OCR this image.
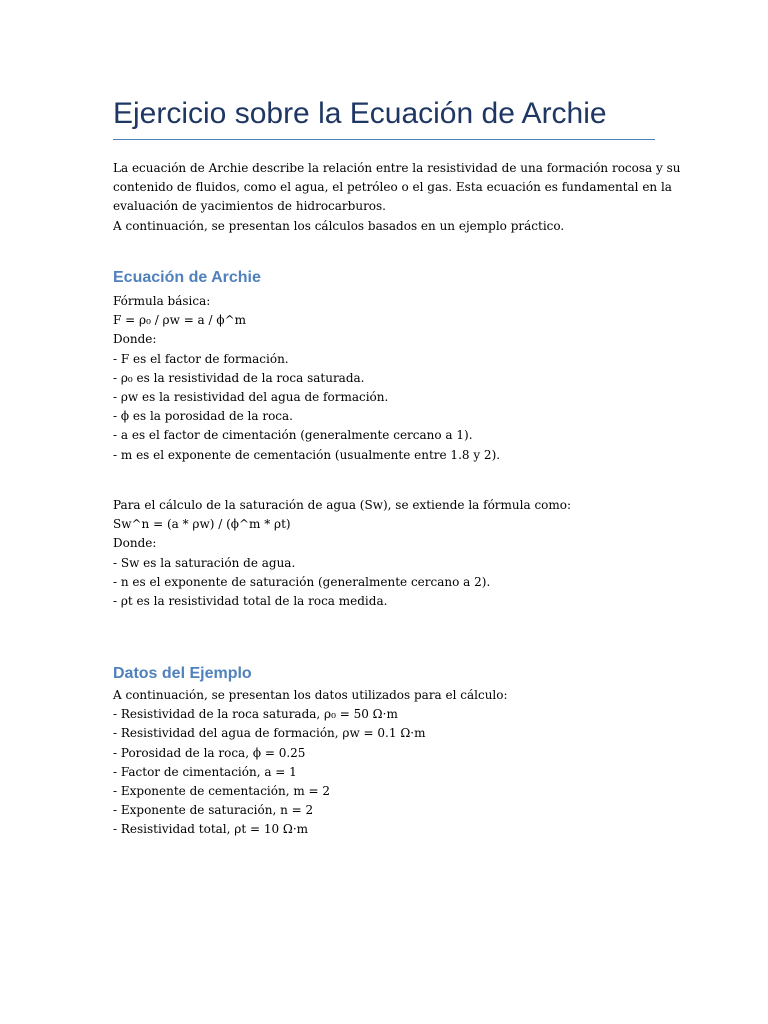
Ejercicio sobre la Ecuación de Archie

La ecuación de Archie describe la relación entre la resistividad de una formación rocosa y su
contenido de fluidos, como el agua, el petróleo o el gas. Esta ecuación es fundamental en la
evaluación de yacimientos de hidrocarburos.
A continuación, se presentan los cálculos basados en un ejemplo práctico.

Ecuación de Archie

Fórmula básica:
F = ρ₀ / ρw = a / ϕ^m
Donde:
- F es el factor de formación.
- ρ₀ es la resistividad de la roca saturada.
- ρw es la resistividad del agua de formación.
- ϕ es la porosidad de la roca.
- a es el factor de cimentación (generalmente cercano a 1).
- m es el exponente de cementación (usualmente entre 1.8 y 2).

Para el cálculo de la saturación de agua (Sw), se extiende la fórmula como:
Sw^n = (a * ρw) / (ϕ^m * ρt)
Donde:
- Sw es la saturación de agua.
- n es el exponente de saturación (generalmente cercano a 2).
- ρt es la resistividad total de la roca medida.

Datos del Ejemplo

A continuación, se presentan los datos utilizados para el cálculo:
- Resistividad de la roca saturada, ρ₀ = 50 Ω·m
- Resistividad del agua de formación, ρw = 0.1 Ω·m
- Porosidad de la roca, ϕ = 0.25
- Factor de cimentación, a = 1
- Exponente de cementación, m = 2
- Exponente de saturación, n = 2
- Resistividad total, ρt = 10 Ω·m
